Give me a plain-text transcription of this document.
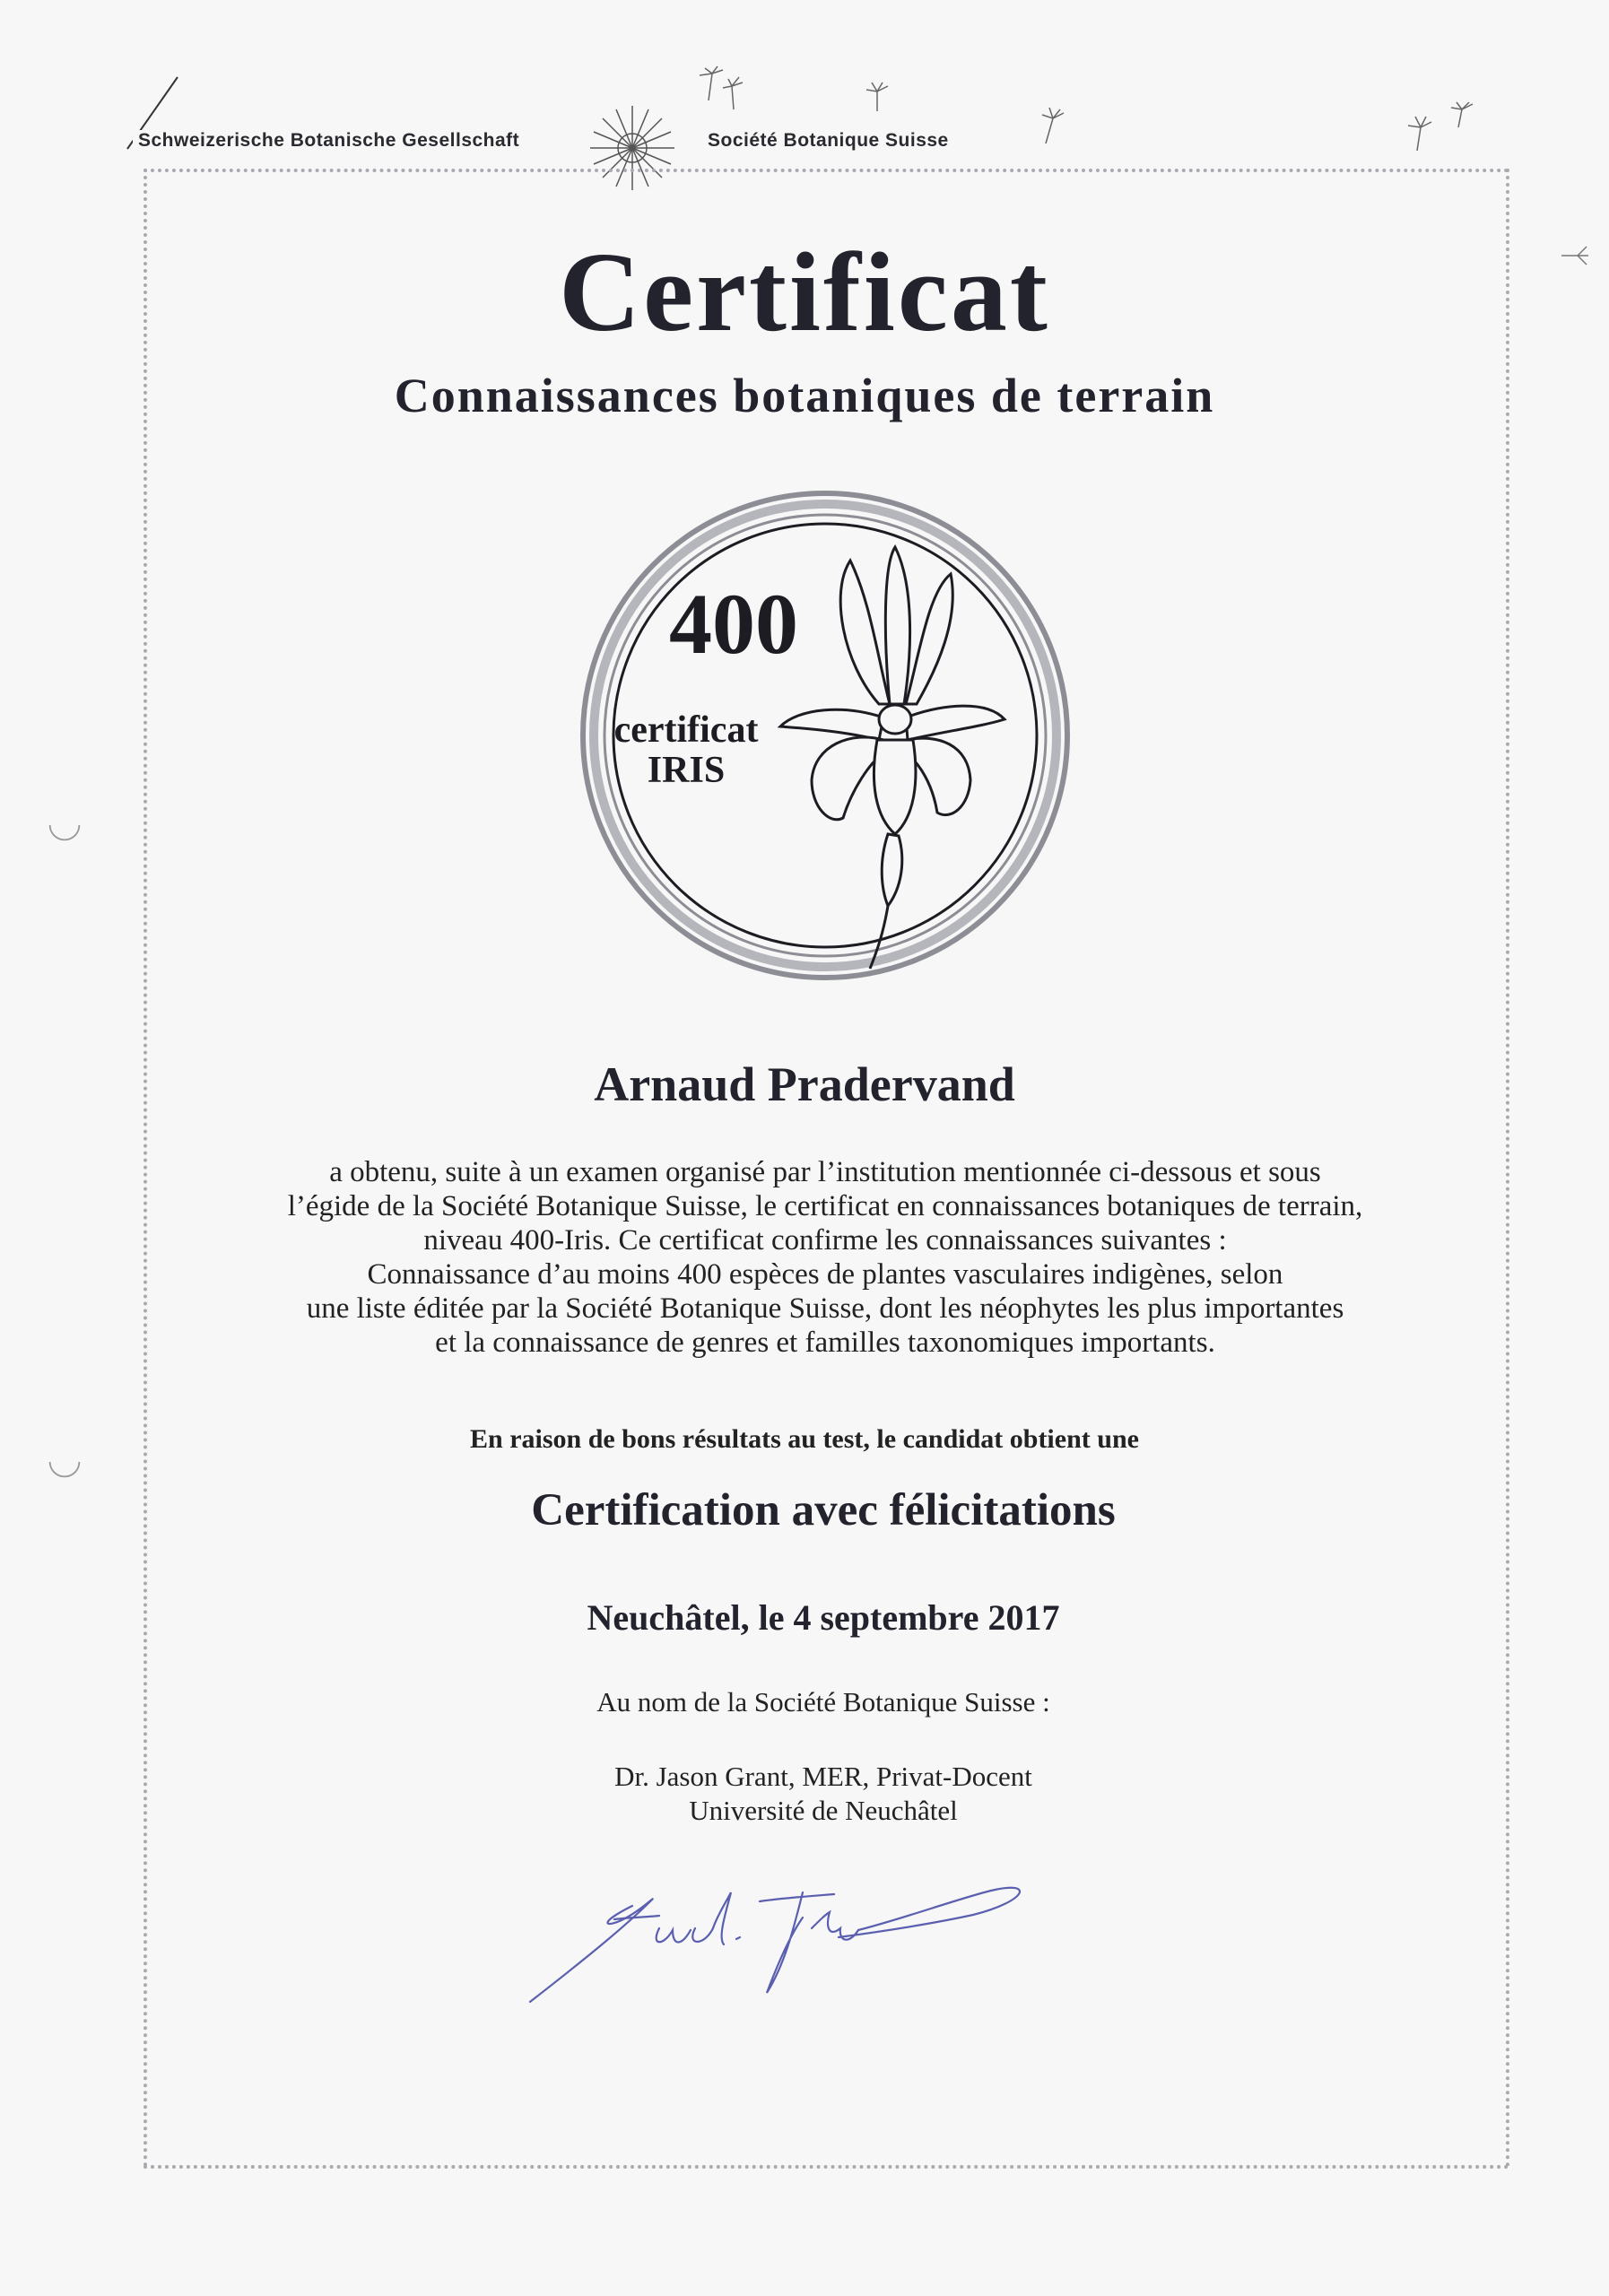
Schweizerische Botanische Gesellschaft	Société Botanique Suisse
Certificat
Connaissances botaniques de terrain
400
certificat
IRIS
Arnaud Pradervand
a obtenu, suite à un examen organisé par l’institution mentionnée ci-dessous et sous
l’égide de la Société Botanique Suisse, le certificat en connaissances botaniques de terrain,
niveau 400-Iris. Ce certificat confirme les connaissances suivantes :
Connaissance d’au moins 400 espèces de plantes vasculaires indigènes, selon
une liste éditée par la Société Botanique Suisse, dont les néophytes les plus importantes
et la connaissance de genres et familles taxonomiques importants.
En raison de bons résultats au test, le candidat obtient une
Certification avec félicitations
Neuchâtel, le 4 septembre 2017
Au nom de la Société Botanique Suisse :
Dr. Jason Grant, MER, Privat-Docent
Université de Neuchâtel
